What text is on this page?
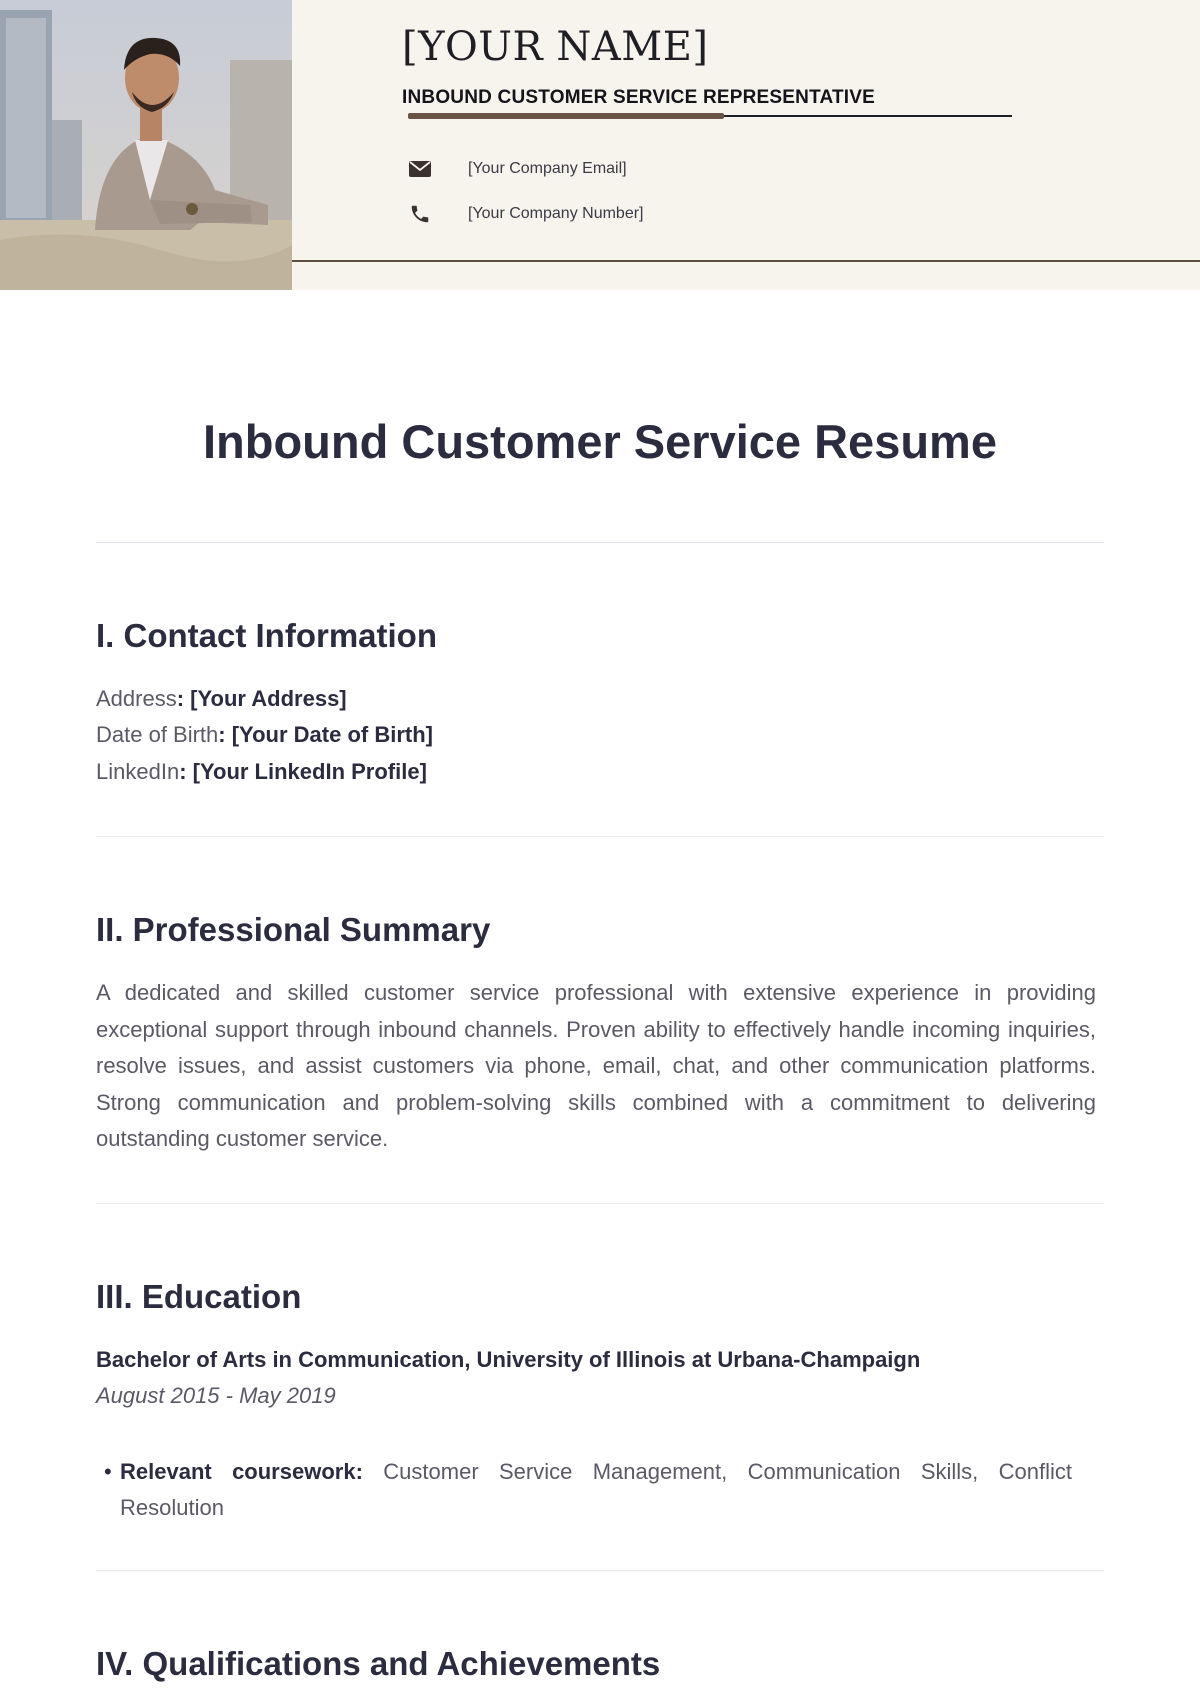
[YOUR NAME]
INBOUND CUSTOMER SERVICE REPRESENTATIVE
[Your Company Email]
[Your Company Number]
Inbound Customer Service Resume
I. Contact Information
Address: [Your Address]
Date of Birth: [Your Date of Birth]
LinkedIn: [Your LinkedIn Profile]
II. Professional Summary

A dedicated and skilled customer service professional with extensive experience in providing exceptional support through inbound channels. Proven ability to effectively handle incoming inquiries, resolve issues, and assist customers via phone, email, chat, and other communication platforms. Strong communication and problem-solving skills combined with a commitment to delivering outstanding customer service.

III. Education
Bachelor of Arts in Communication, University of Illinois at Urbana-Champaign
August 2015 - May 2019
• Relevant coursework: Customer Service Management, Communication Skills, Conflict Resolution
IV. Qualifications and Achievements
